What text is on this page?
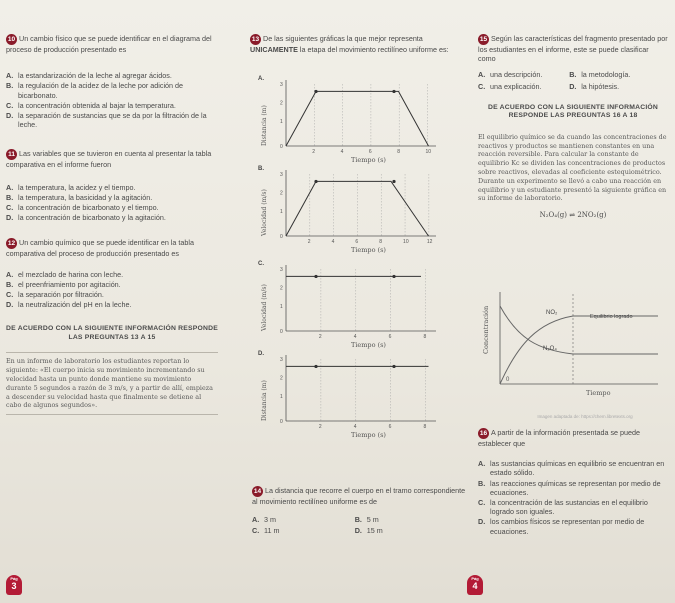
10 Un cambio físico que se puede identificar en el diagrama del proceso de producción presentado es
A. la estandarización de la leche al agregar ácidos.
B. la regulación de la acidez de la leche por adición de bicarbonato.
C. la concentración obtenida al bajar la temperatura.
D. la separación de sustancias que se da por la filtración de la leche.
11 Las variables que se tuvieron en cuenta al presentar la tabla comparativa en el informe fueron
A. la temperatura, la acidez y el tiempo.
B. la temperatura, la basicidad y la agitación.
C. la concentración de bicarbonato y el tiempo.
D. la concentración de bicarbonato y la agitación.
12 Un cambio químico que se puede identificar en la tabla comparativa del proceso de producción presentado es
A. el mezclado de harina con leche.
B. el preenfriamiento por agitación.
C. la separación por filtración.
D. la neutralización del pH en la leche.
DE ACUERDO CON LA SIGUIENTE INFORMACIÓN RESPONDE LAS PREGUNTAS 13 A 15
En un informe de laboratorio los estudiantes reportan lo siguiente: «El cuerpo inicia su movimiento incrementando su velocidad hasta un punto donde mantiene su movimiento durante 5 segundos a razón de 3 m/s, y a partir de allí, empieza a descender su velocidad hasta que finalmente se detiene al cabo de algunos segundos».
13 De las siguientes gráficas la que mejor representa UNICAMENTE la etapa del movimiento rectilíneo uniforme es:
A.
Distancia (m)
Tiempo (s)
3
2
1
0
2	4	6	8	10
B.
Velocidad (m/s)
Tiempo (s)
3
2
1
0
2	4	6	8	10	12
C.
Velocidad (m/s)
Tiempo (s)
3
2
1
0
2	4	6	8
D.
Distancia (m)
Tiempo (s)
3
2
1
0
2	4	6	8
14 La distancia que recorre el cuerpo en el tramo correspondiente al movimiento rectilíneo uniforme es de
A. 3 m	B. 5 m
C. 11 m	D. 15 m
15 Según las características del fragmento presentado por los estudiantes en el informe, este se puede clasificar como
A. una descripción.	B. la metodología.
C. una explicación.	D. la hipótesis.
DE ACUERDO CON LA SIGUIENTE INFORMACIÓN RESPONDE LAS PREGUNTAS 16 A 18
El equilibrio químico se da cuando las concentraciones de reactivos y productos se mantienen constantes en una reacción reversible. Para calcular la constante de equilibrio Kc se dividen las concentraciones de productos sobre reactivos, elevadas al coeficiente estequiométrico. Durante un experimento se llevó a cabo una reacción en equilibrio y un estudiante presentó la siguiente gráfica en su informe de laboratorio.
N₂O₄(g) ⇌ 2NO₂(g)
Concentración
Tiempo
0
NO₂
N₂O₄
Equilibrio logrado
Imagen adaptada de: https://chem.libretexts.org
16 A partir de la información presentada se puede establecer que
A. las sustancias químicas en equilibrio se encuentran en estado sólido.
B. las reacciones químicas se representan por medio de ecuaciones.
C. la concentración de las sustancias en el equilibrio logrado son iguales.
D. los cambios físicos se representan por medio de ecuaciones.
Pág
3
Pág
4
